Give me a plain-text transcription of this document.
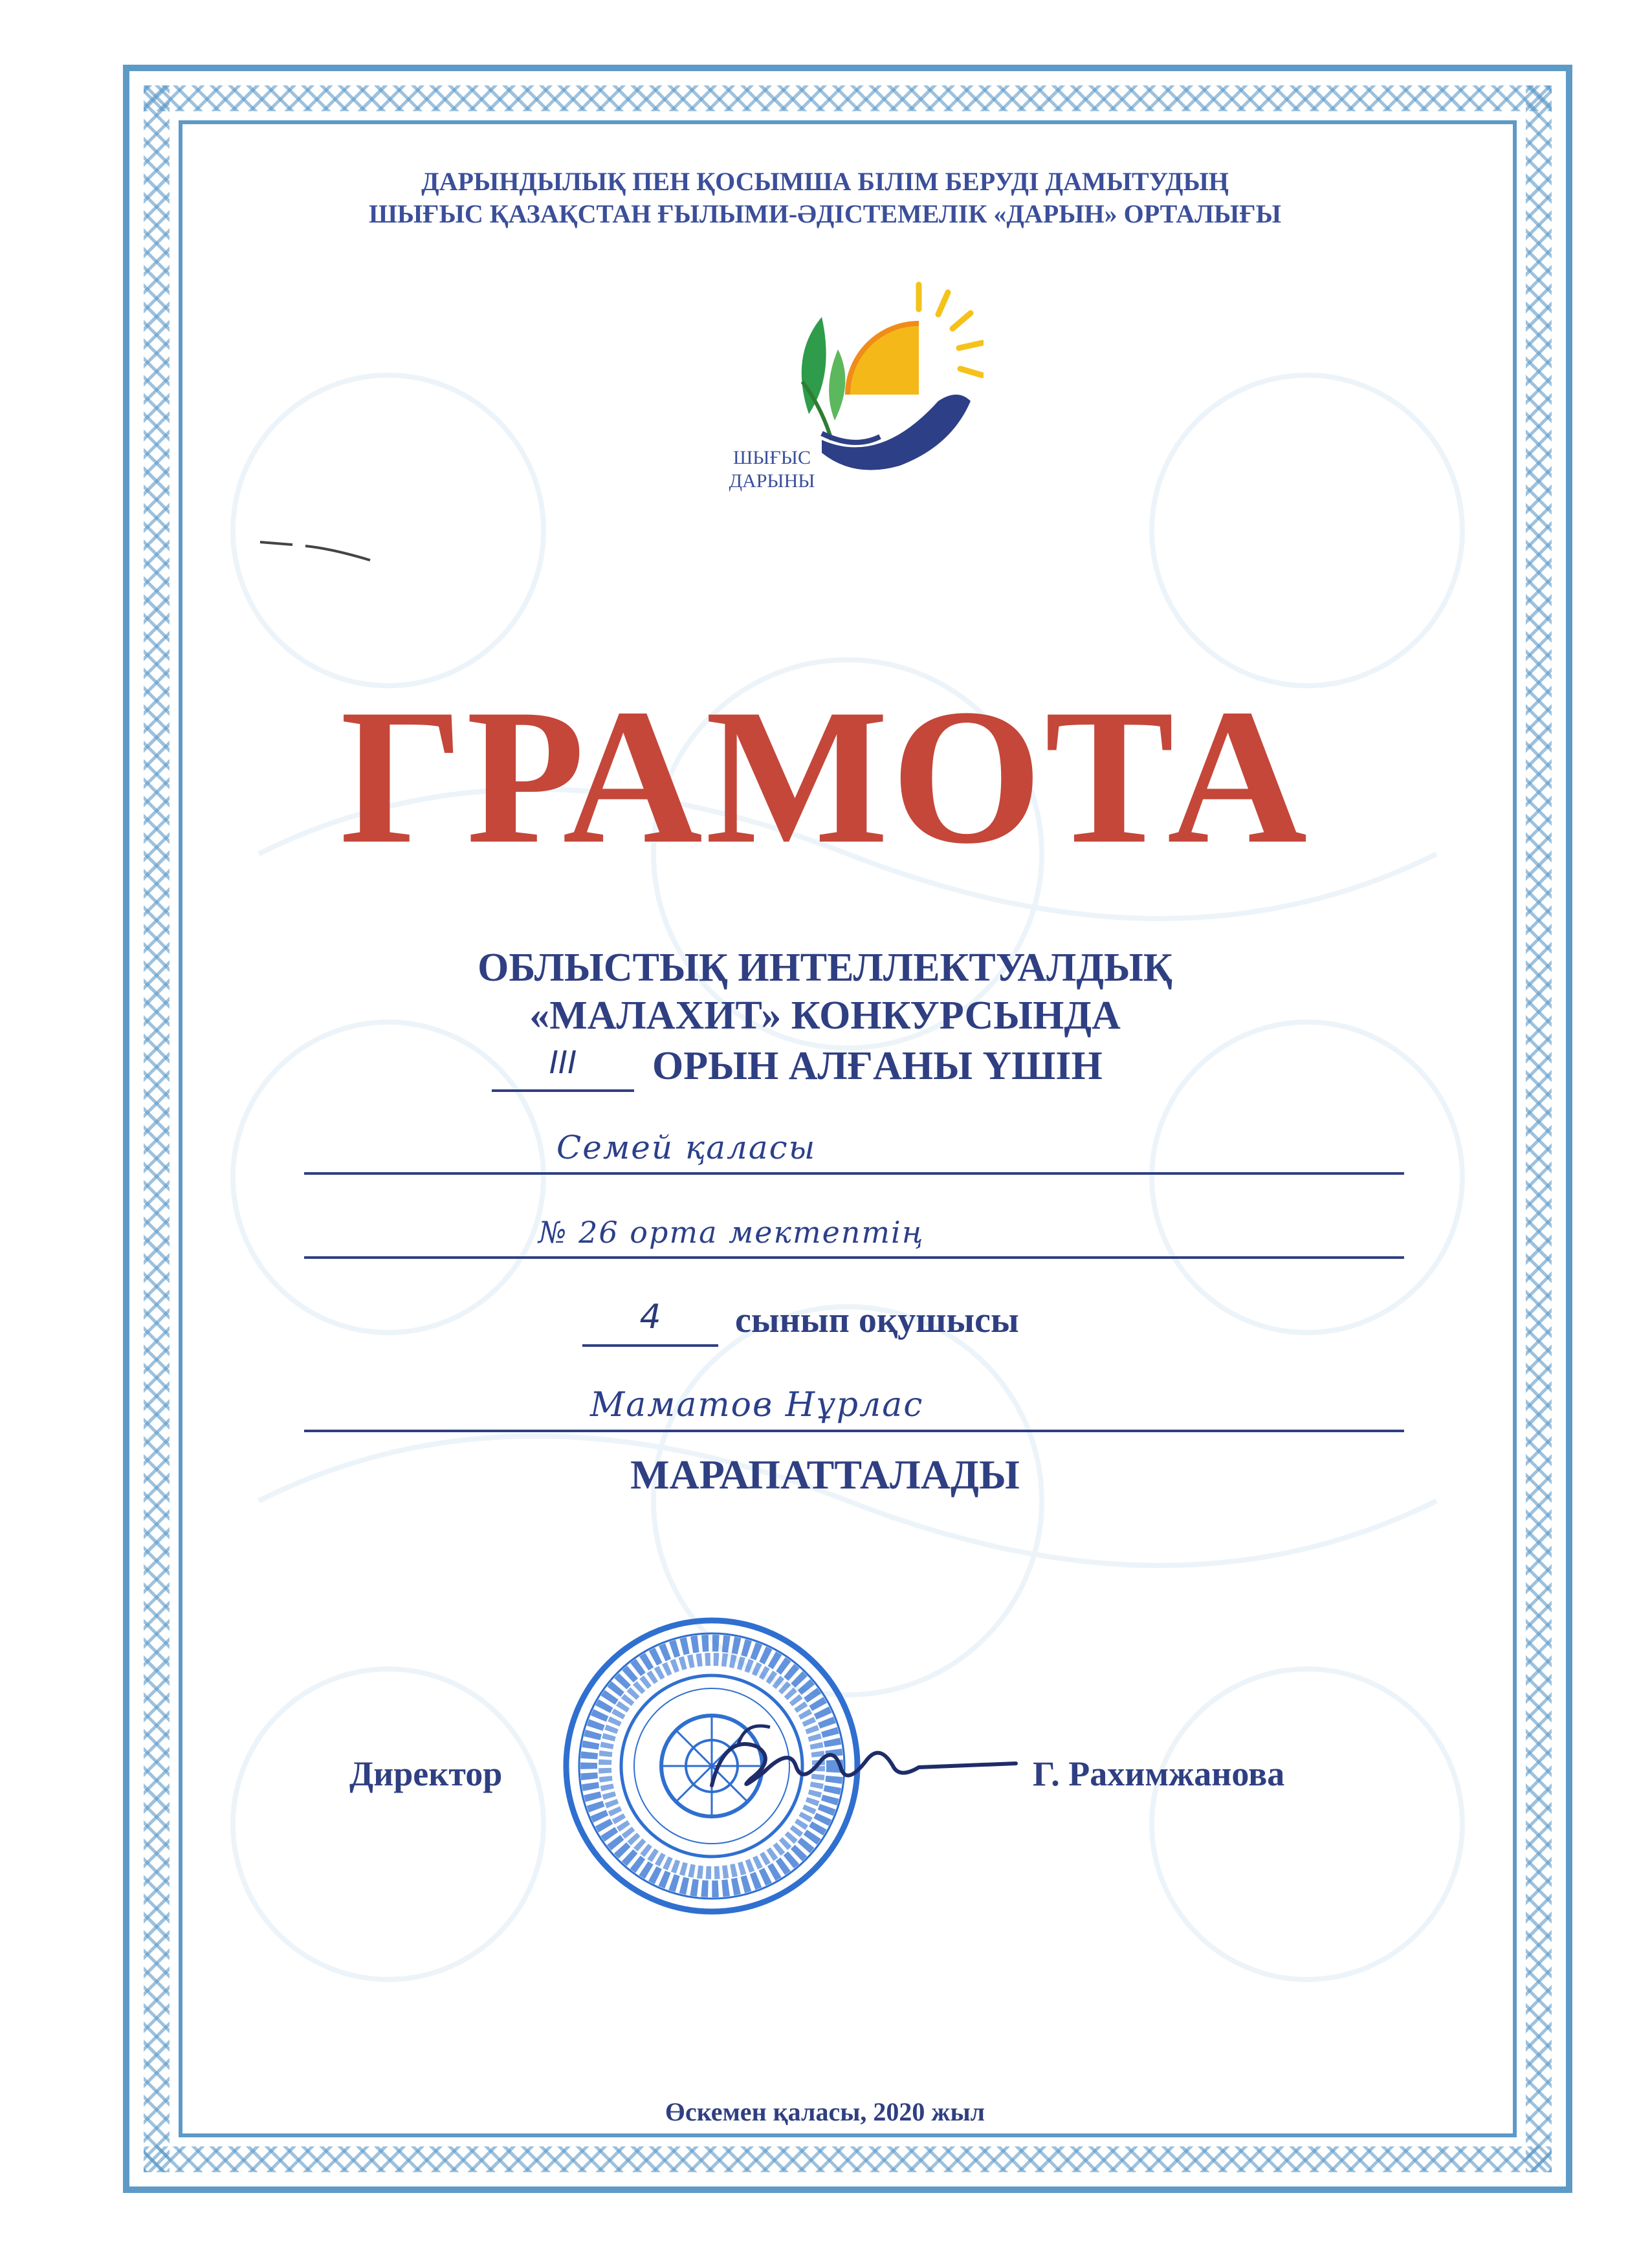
ДАРЫНДЫЛЫҚ ПЕН ҚОСЫМША БІЛІМ БЕРУДІ ДАМЫТУДЫҢ
ШЫҒЫС ҚАЗАҚСТАН ҒЫЛЫМИ-ӘДІСТЕМЕЛІК «ДАРЫН» ОРТАЛЫҒЫ
ШЫҒЫС
ДАРЫНЫ
ГРАМОТА
ОБЛЫСТЫҚ ИНТЕЛЛЕКТУАЛДЫҚ
«МАЛАХИТ» КОНКУРСЫНДА
III	ОРЫН АЛҒАНЫ ҮШІН
Семей қаласы
№ 26 орта мектептің
4	сынып оқушысы
Маматов Нұрлас
МАРАПАТТАЛАДЫ
Директор	Г. Рахимжанова
Өскемен қаласы, 2020 жыл
